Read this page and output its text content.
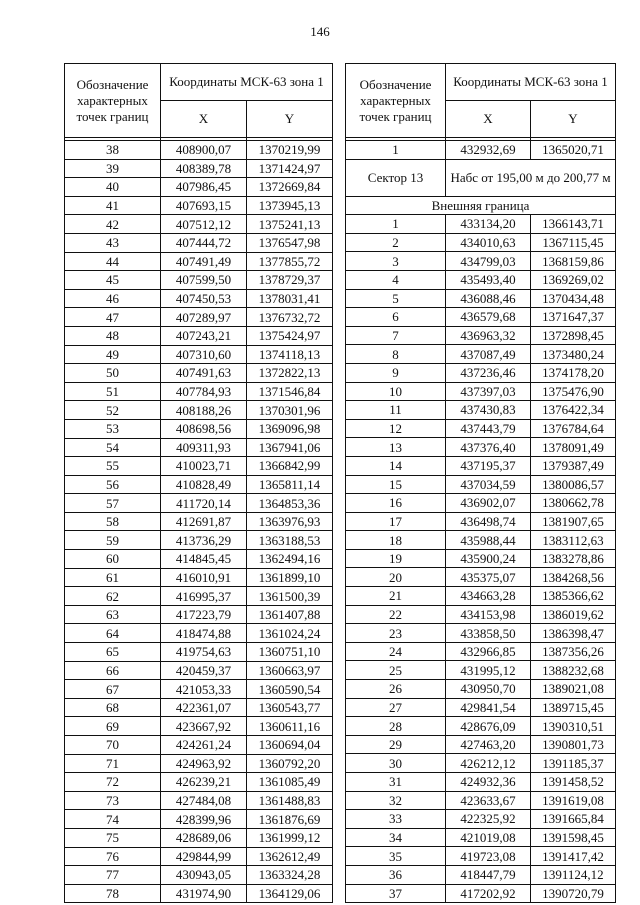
146
Обозначение характерных точек границ	Координаты МСК-63 зона 1	
	X	Y

38	408900,07	1370219,99
39	408389,78	1371424,97
40	407986,45	1372669,84
41	407693,15	1373945,13
42	407512,12	1375241,13
43	407444,72	1376547,98
44	407491,49	1377855,72
45	407599,50	1378729,37
46	407450,53	1378031,41
47	407289,97	1376732,72
48	407243,21	1375424,97
49	407310,60	1374118,13
50	407491,63	1372822,13
51	407784,93	1371546,84
52	408188,26	1370301,96
53	408698,56	1369096,98
54	409311,93	1367941,06
55	410023,71	1366842,99
56	410828,49	1365811,14
57	411720,14	1364853,36
58	412691,87	1363976,93
59	413736,29	1363188,53
60	414845,45	1362494,16
61	416010,91	1361899,10
62	416995,37	1361500,39
63	417223,79	1361407,88
64	418474,88	1361024,24
65	419754,63	1360751,10
66	420459,37	1360663,97
67	421053,33	1360590,54
68	422361,07	1360543,77
69	423667,92	1360611,16
70	424261,24	1360694,04
71	424963,92	1360792,20
72	426239,21	1361085,49
73	427484,08	1361488,83
74	428399,96	1361876,69
75	428689,06	1361999,12
76	429844,99	1362612,49
77	430943,05	1363324,28
78	431974,90	1364129,06
Обозначение характерных точек границ	Координаты МСК-63 зона 1	
	X	Y

1	432932,69	1365020,71
Сектор 13	Набс от 195,00 м до 200,77 м	
Внешняя граница		
1	433134,20	1366143,71
2	434010,63	1367115,45
3	434799,03	1368159,86
4	435493,40	1369269,02
5	436088,46	1370434,48
6	436579,68	1371647,37
7	436963,32	1372898,45
8	437087,49	1373480,24
9	437236,46	1374178,20
10	437397,03	1375476,90
11	437430,83	1376422,34
12	437443,79	1376784,64
13	437376,40	1378091,49
14	437195,37	1379387,49
15	437034,59	1380086,57
16	436902,07	1380662,78
17	436498,74	1381907,65
18	435988,44	1383112,63
19	435900,24	1383278,86
20	435375,07	1384268,56
21	434663,28	1385366,62
22	434153,98	1386019,62
23	433858,50	1386398,47
24	432966,85	1387356,26
25	431995,12	1388232,68
26	430950,70	1389021,08
27	429841,54	1389715,45
28	428676,09	1390310,51
29	427463,20	1390801,73
30	426212,12	1391185,37
31	424932,36	1391458,52
32	423633,67	1391619,08
33	422325,92	1391665,84
34	421019,08	1391598,45
35	419723,08	1391417,42
36	418447,79	1391124,12
37	417202,92	1390720,79
